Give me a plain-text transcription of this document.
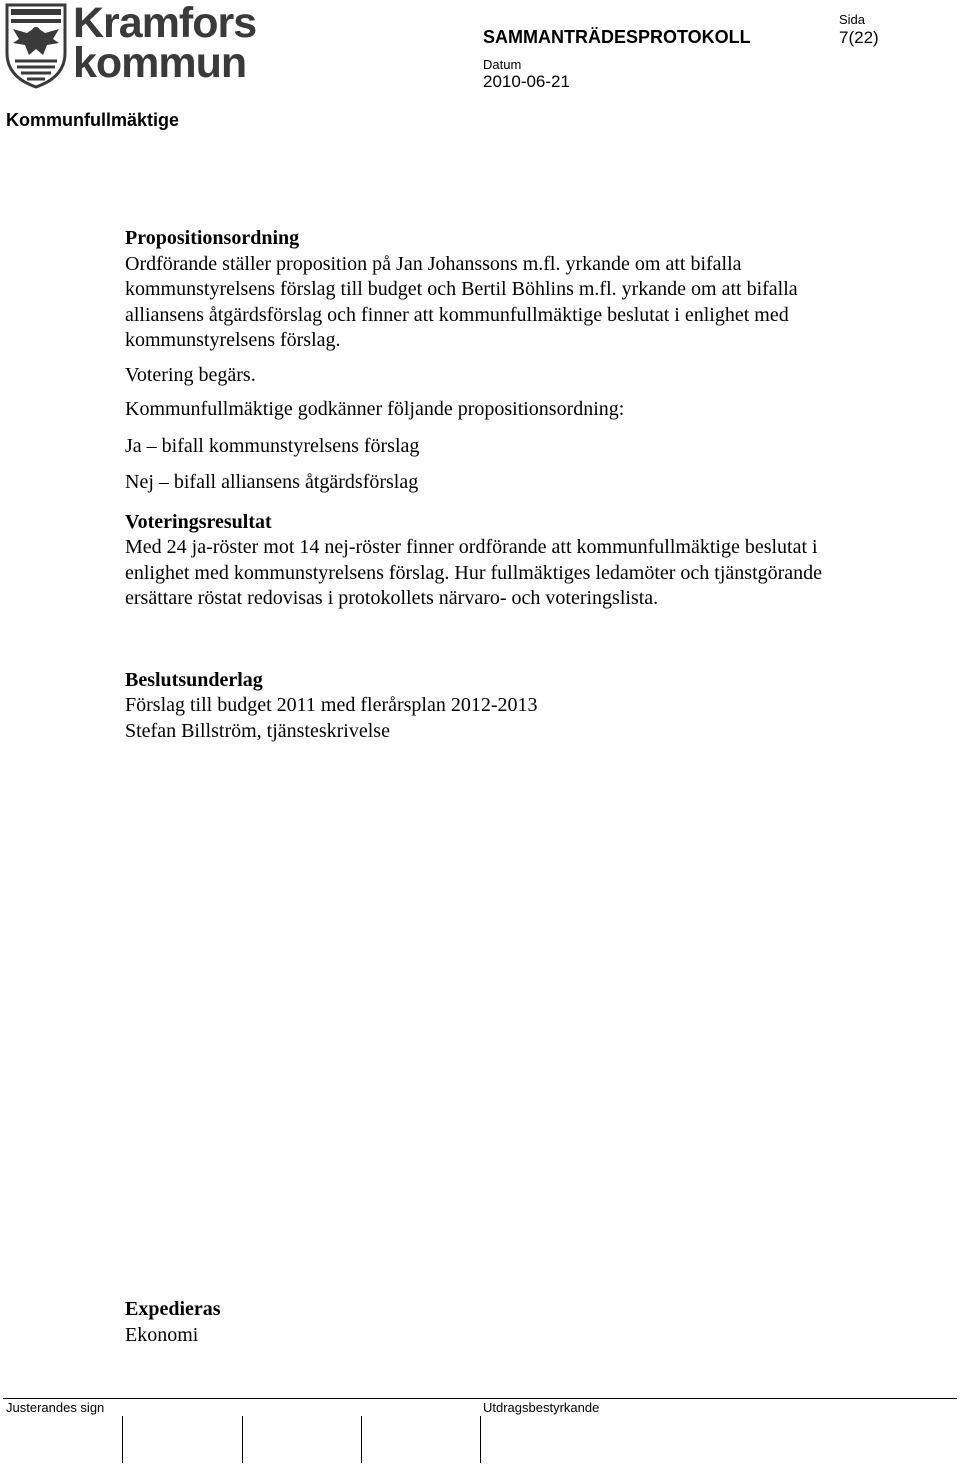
Kramfors
kommun
SAMMANTRÄDESPROTOKOLL
Datum
2010-06-21
Sida
7(22)
Kommunfullmäktige

Propositionsordning

Ordförande ställer proposition på Jan Johanssons m.fl. yrkande om att bifalla kommunstyrelsens förslag till budget och Bertil Böhlins m.fl. yrkande om att bifalla alliansens åtgärdsförslag och finner att kommunfullmäktige beslutat i enlighet med kommunstyrelsens förslag.

Votering begärs.

Kommunfullmäktige godkänner följande propositionsordning:

Ja – bifall kommunstyrelsens förslag

Nej – bifall alliansens åtgärdsförslag

Voteringsresultat

Med 24 ja-röster mot 14 nej-röster finner ordförande att kommunfullmäktige beslutat i enlighet med kommunstyrelsens förslag. Hur fullmäktiges ledamöter och tjänstgörande ersättare röstat redovisas i protokollets närvaro- och voteringslista.

Beslutsunderlag

Förslag till budget 2011 med flerårsplan 2012-2013

Stefan Billström, tjänsteskrivelse

Expedieras

Ekonomi

Justerandes sign	Utdragsbestyrkande
